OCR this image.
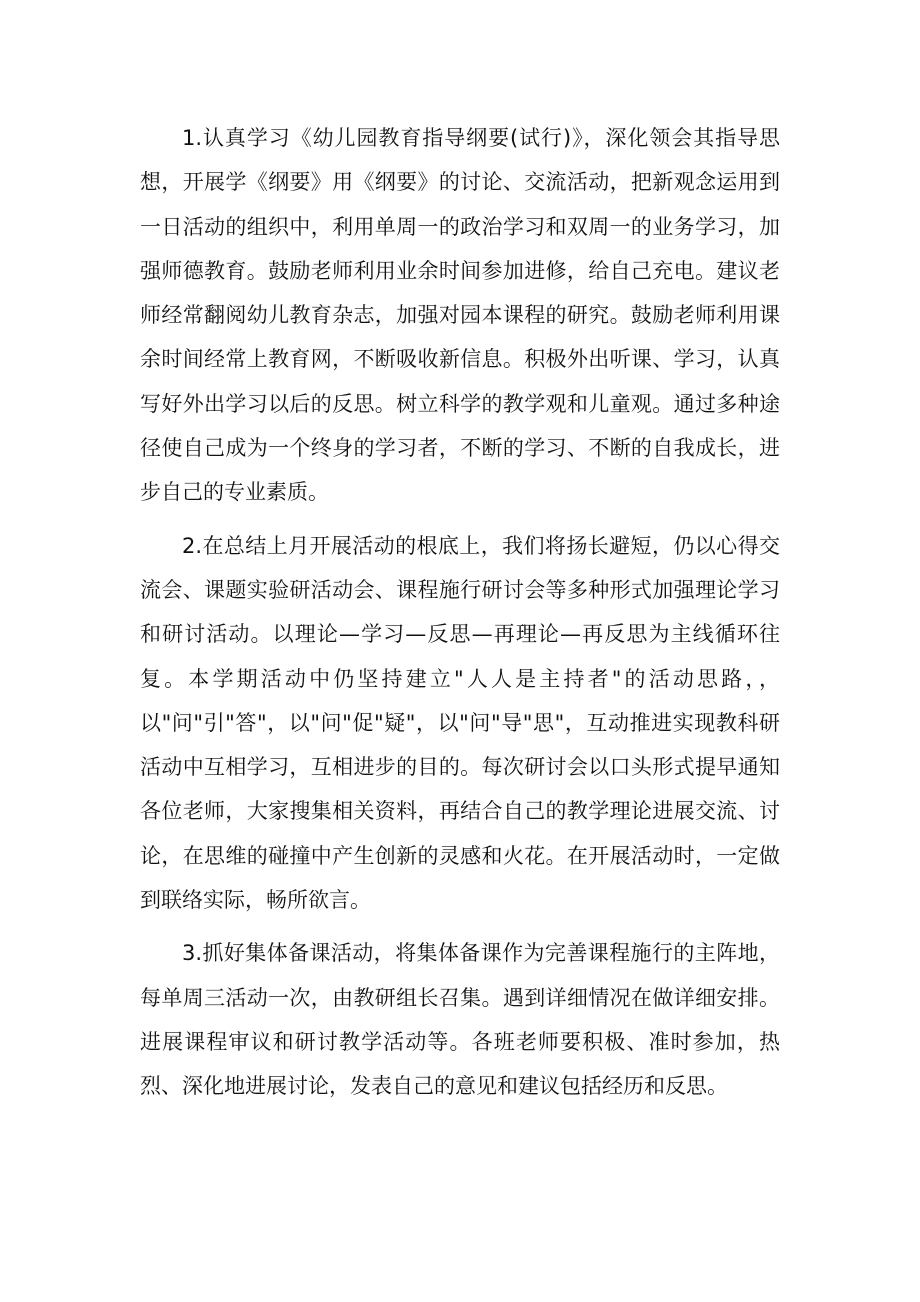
1.认真学习《幼儿园教育指导纲要(试行)》，深化领会其指导思想，开展学《纲要》用《纲要》的讨论、交流活动，把新观念运用到一日活动的组织中，利用单周一的政治学习和双周一的业务学习，加强师德教育。鼓励老师利用业余时间参加进修，给自己充电。建议老师经常翻阅幼儿教育杂志，加强对园本课程的研究。鼓励老师利用课余时间经常上教育网，不断吸收新信息。积极外出听课、学习，认真写好外出学习以后的反思。树立科学的教学观和儿童观。通过多种途径使自己成为一个终身的学习者，不断的学习、不断的自我成长，进步自己的专业素质。

2.在总结上月开展活动的根底上，我们将扬长避短，仍以心得交流会、课题实验研活动会、课程施行研讨会等多种形式加强理论学习和研讨活动。以理论—学习—反思—再理论—再反思为主线循环往复。本学期活动中仍坚持建立"人人是主持者"的活动思路，，以"问"引"答"，以"问"促"疑"，以"问"导"思"，互动推进实现教科研活动中互相学习，互相进步的目的。每次研讨会以口头形式提早通知各位老师，大家搜集相关资料，再结合自己的教学理论进展交流、讨论，在思维的碰撞中产生创新的灵感和火花。在开展活动时，一定做到联络实际，畅所欲言。

3.抓好集体备课活动，将集体备课作为完善课程施行的主阵地，每单周三活动一次，由教研组长召集。遇到详细情况在做详细安排。进展课程审议和研讨教学活动等。各班老师要积极、准时参加，热烈、深化地进展讨论，发表自己的意见和建议包括经历和反思。
